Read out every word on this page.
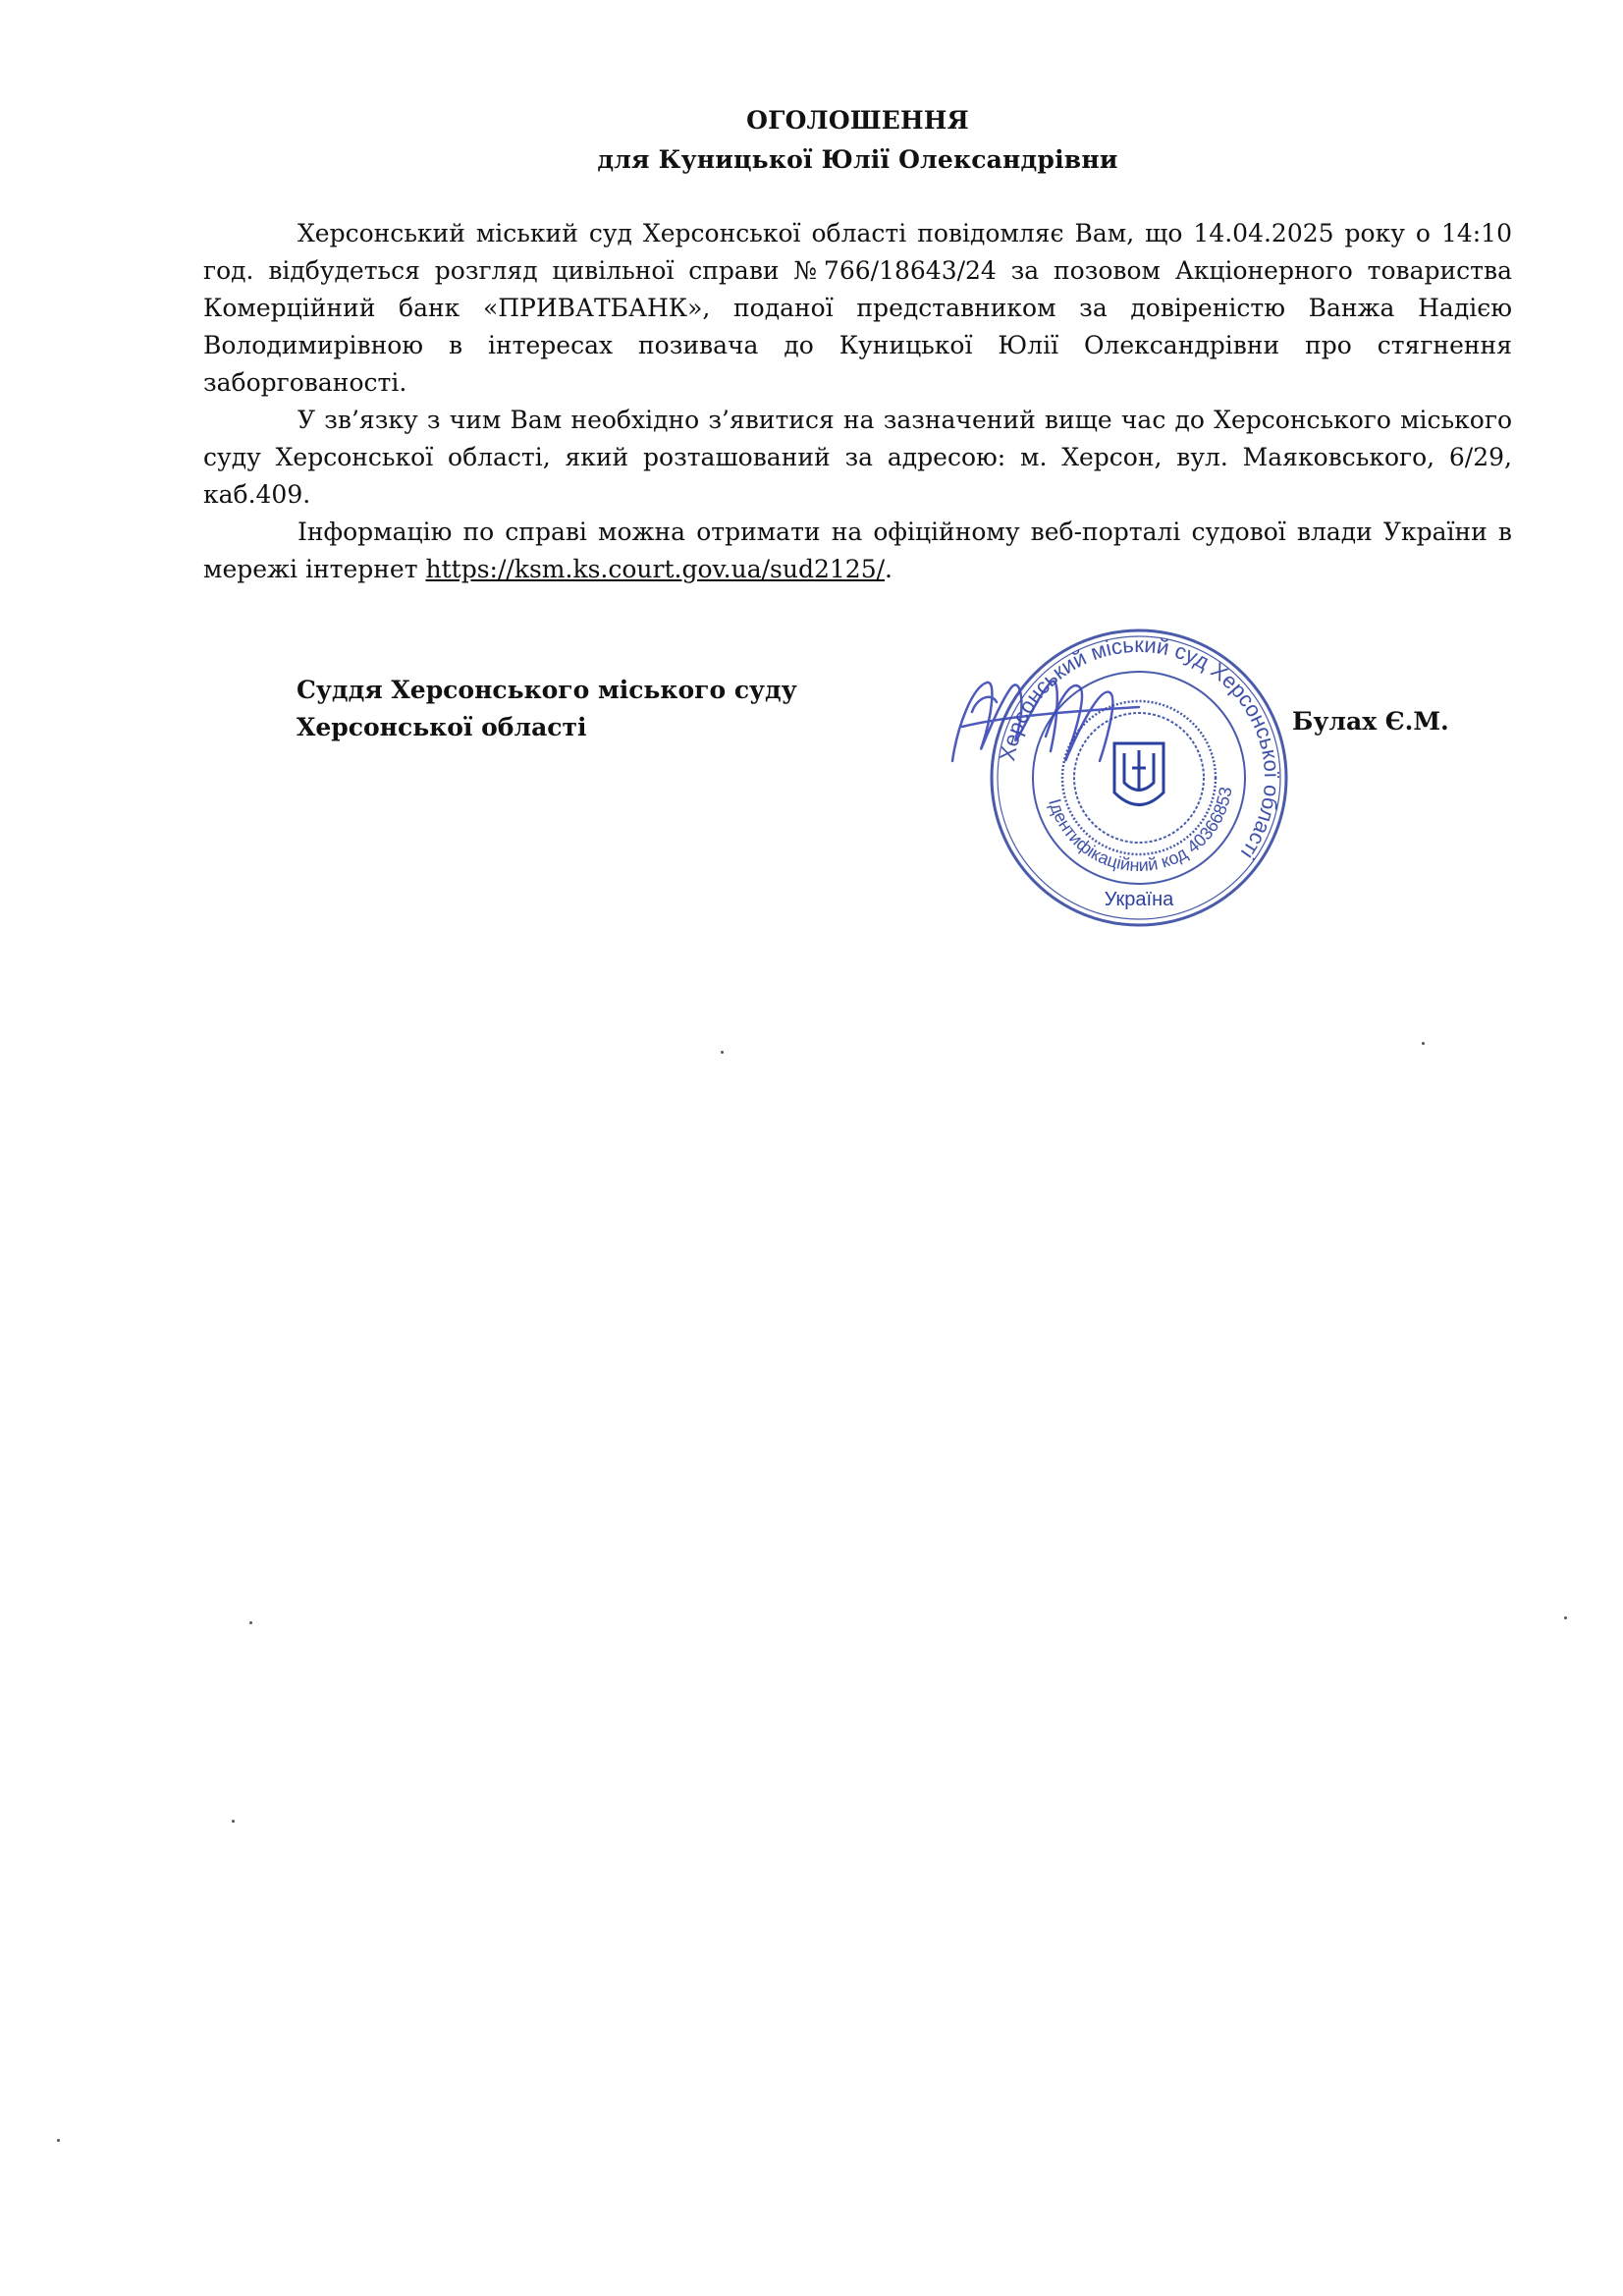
ОГОЛОШЕННЯ
для Куницької Юлії Олександрівни

Херсонський міський суд Херсонської області повідомляє Вам, що 14.04.2025 року о 14:10 год. відбудеться розгляд цивільної справи №766/18643/24 за позовом Акціонерного товариства Комерційний банк «ПРИВАТБАНК», поданої представником за довіреністю Ванжа Надією Володимирівною в інтересах позивача до Куницької Юлії Олександрівни про стягнення заборгованості.

У зв’язку з чим Вам необхідно з’явитися на зазначений вище час до Херсонського міського суду Херсонської області, який розташований за адресою: м. Херсон, вул. Маяковського, 6/29, каб.409.

Інформацію по справі можна отримати на офіційному веб-порталі судової влади України в мережі інтернет https://ksm.ks.court.gov.ua/sud2125/.

Суддя Херсонського міського суду
Херсонської області
Херсонський міський суд Херсонської області
Ідентифікаційний код 40366853
Україна
Булах Є.М.
